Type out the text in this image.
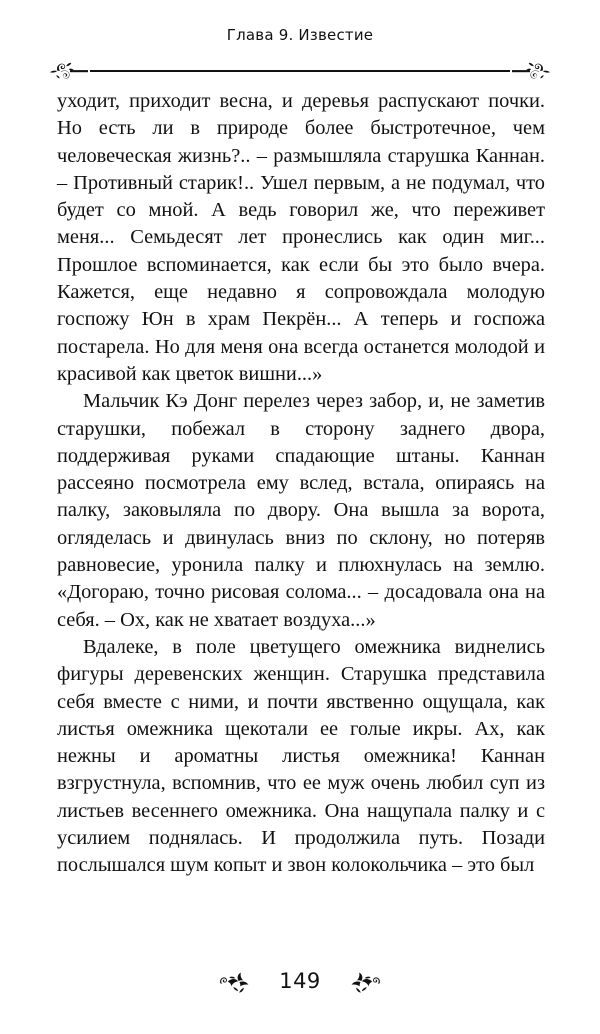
Глава 9. Известие

уходит, приходит весна, и деревья распускают почки. Но есть ли в природе более быстротечное, чем человеческая жизнь?.. – размышляла старушка Каннан. – Противный старик!.. Ушел первым, а не подумал, что будет со мной. А ведь говорил же, что переживет меня... Семьдесят лет пронеслись как один миг... Прошлое вспоминается, как если бы это было вчера. Кажется, еще недавно я сопровождала молодую госпожу Юн в храм Пекрён... А теперь и госпожа постарела. Но для меня она всегда останется молодой и красивой как цветок вишни...»

Мальчик Кэ Донг перелез через забор, и, не заметив старушки, побежал в сторону заднего двора, поддерживая руками спадающие штаны. Каннан рассеяно посмотрела ему вслед, встала, опираясь на палку, заковыляла по двору. Она вышла за ворота, огляделась и двинулась вниз по склону, но потеряв равновесие, уронила палку и плюхнулась на землю. «Догораю, точно рисовая солома... – досадовала она на себя. – Ох, как не хватает воздуха...»

Вдалеке, в поле цветущего омежника виднелись фигуры деревенских женщин. Старушка представила себя вместе с ними, и почти явственно ощущала, как листья омежника щекотали ее голые икры. Ах, как нежны и ароматны листья омежника! Каннан взгрустнула, вспомнив, что ее муж очень любил суп из листьев весеннего омежника. Она нащупала палку и с усилием поднялась. И продолжила путь. Позади послышался шум копыт и звон колокольчика – это был

149
